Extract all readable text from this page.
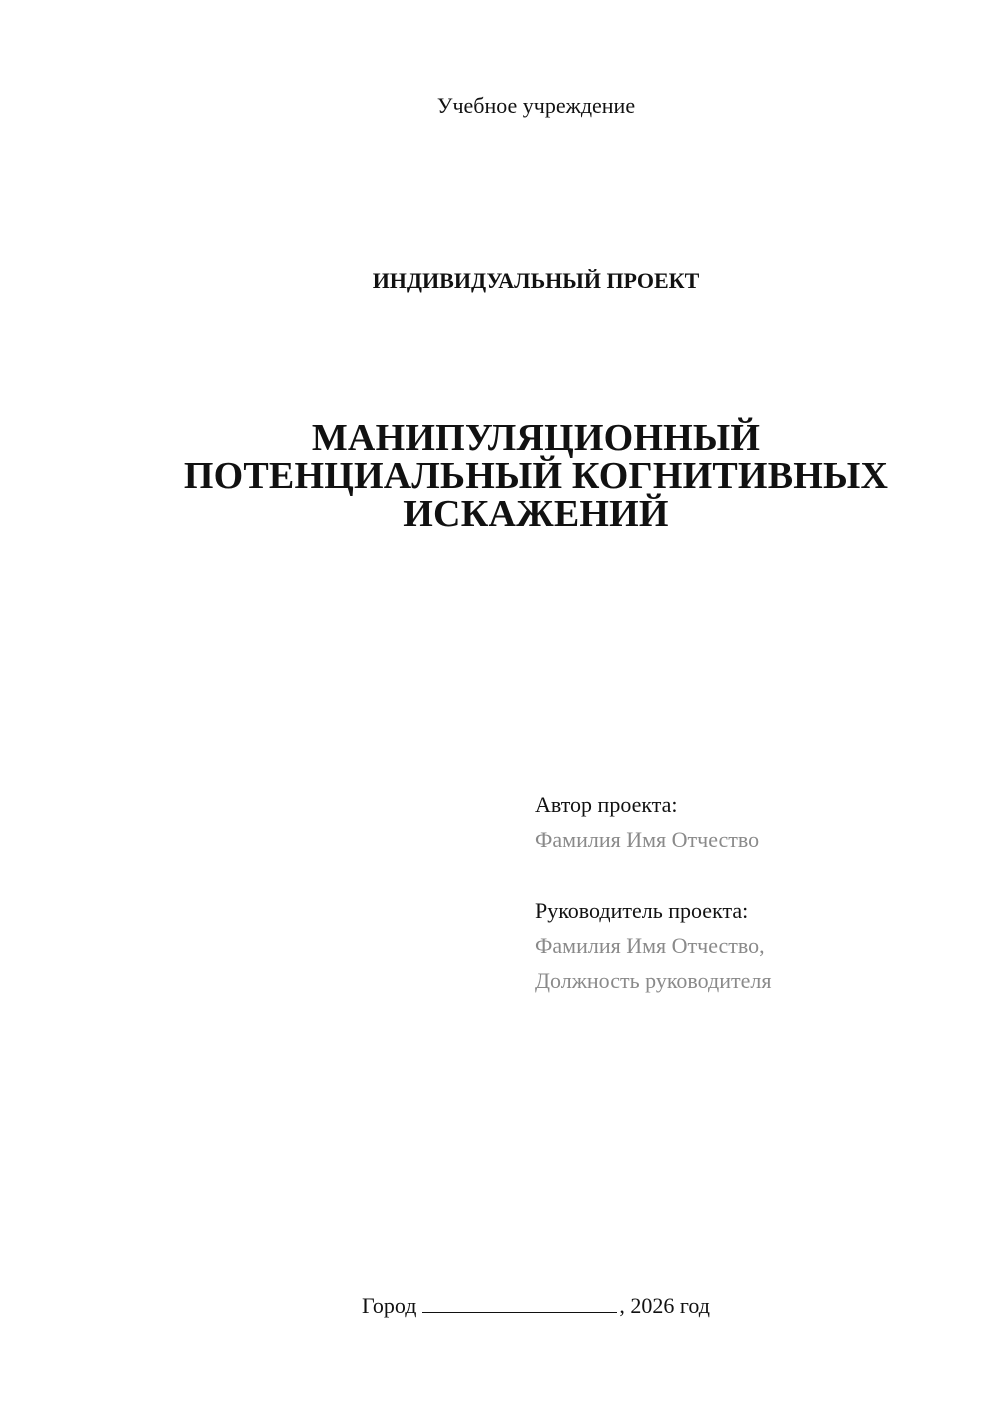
Учебное учреждение
ИНДИВИДУАЛЬНЫЙ ПРОЕКТ
МАНИПУЛЯЦИОННЫЙ
ПОТЕНЦИАЛЬНЫЙ КОГНИТИВНЫХ
ИСКАЖЕНИЙ
Автор проекта:
Фамилия Имя Отчество
Руководитель проекта:
Фамилия Имя Отчество,
Должность руководителя
Город	, 2026 год
